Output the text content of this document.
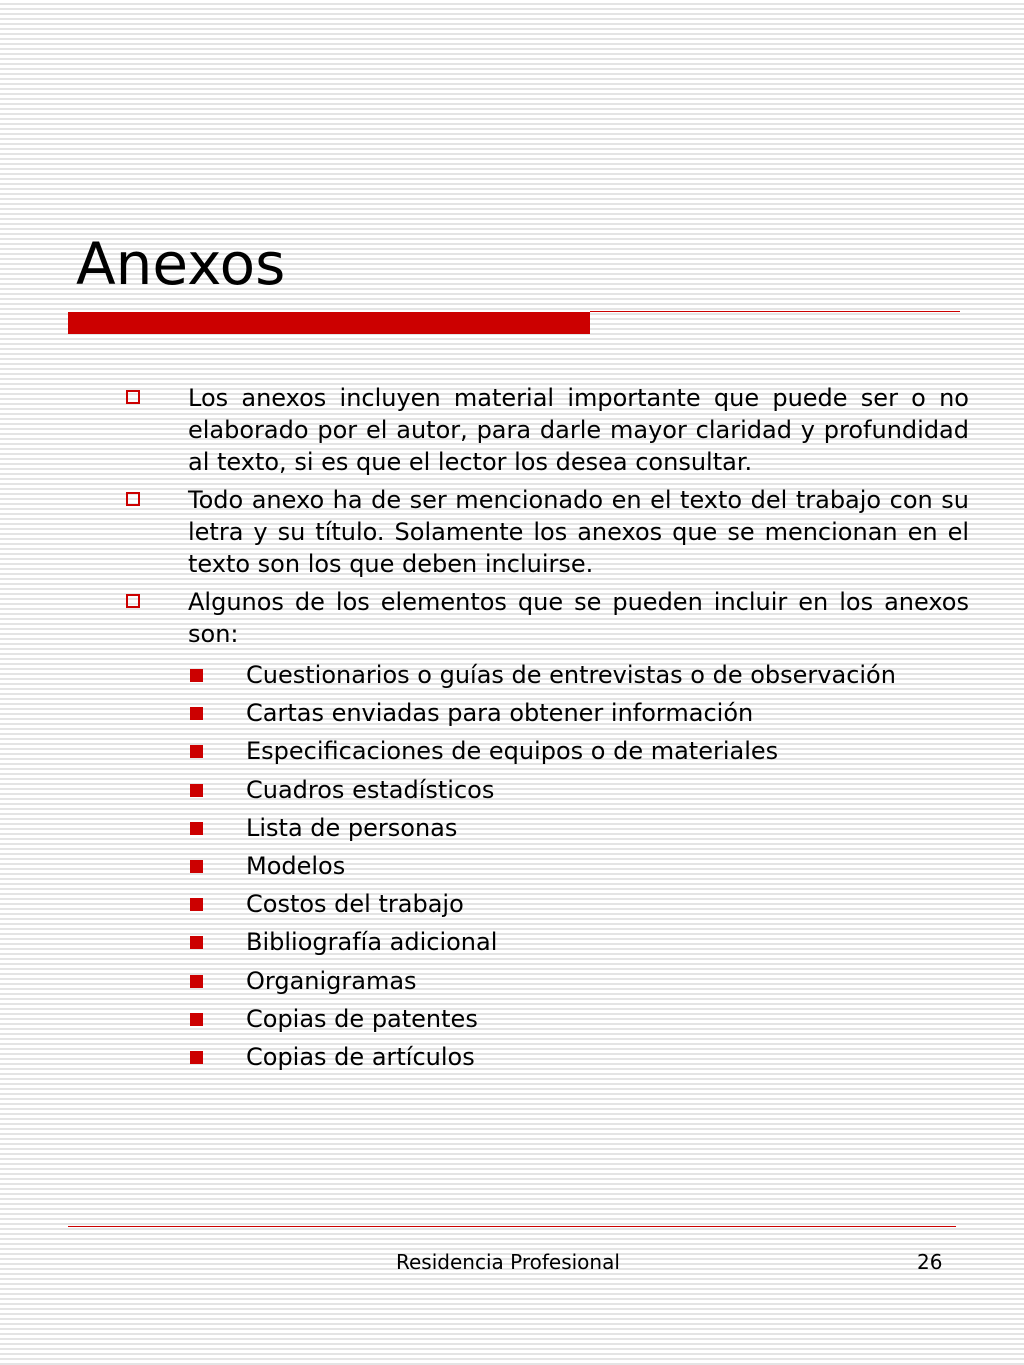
Anexos
Los anexos incluyen material importante que puede ser o no elaborado por el autor, para darle mayor claridad y profundidad al texto, si es que el lector los desea consultar.
Todo anexo ha de ser mencionado en el texto del trabajo con su letra y su título. Solamente los anexos que se mencionan en el texto son los que deben incluirse.
Algunos de los elementos que se pueden incluir en los anexos son:
Cuestionarios o guías de entrevistas o de observación
Cartas enviadas para obtener información
Especificaciones de equipos o de materiales
Cuadros estadísticos
Lista de personas
Modelos
Costos del trabajo
Bibliografía adicional
Organigramas
Copias de patentes
Copias de artículos
Residencia Profesional	26
